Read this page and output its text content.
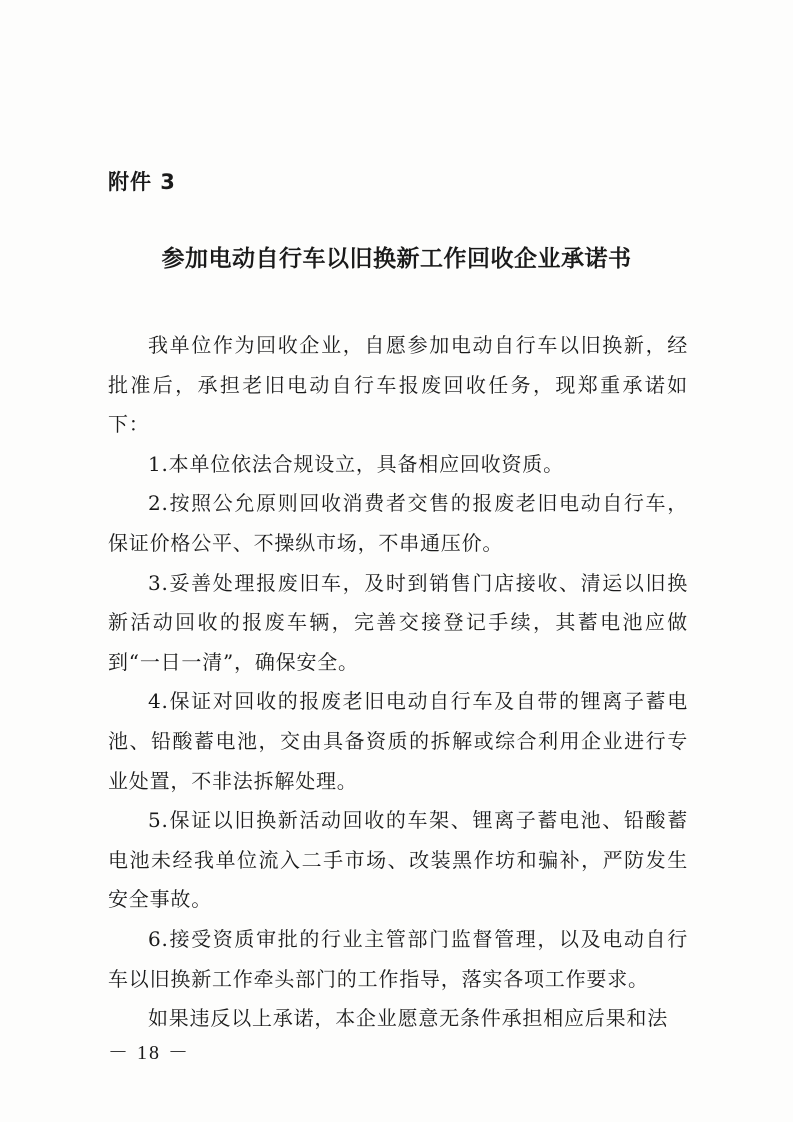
附件 3
参加电动自行车以旧换新工作回收企业承诺书

我单位作为回收企业，自愿参加电动自行车以旧换新，经批准后，承担老旧电动自行车报废回收任务，现郑重承诺如下：

1.本单位依法合规设立，具备相应回收资质。

2.按照公允原则回收消费者交售的报废老旧电动自行车，保证价格公平、不操纵市场，不串通压价。

3.妥善处理报废旧车，及时到销售门店接收、清运以旧换新活动回收的报废车辆，完善交接登记手续，其蓄电池应做到“一日一清”，确保安全。

4.保证对回收的报废老旧电动自行车及自带的锂离子蓄电池、铅酸蓄电池，交由具备资质的拆解或综合利用企业进行专业处置，不非法拆解处理。

5.保证以旧换新活动回收的车架、锂离子蓄电池、铅酸蓄电池未经我单位流入二手市场、改装黑作坊和骗补，严防发生安全事故。

6.接受资质审批的行业主管部门监督管理，以及电动自行车以旧换新工作牵头部门的工作指导，落实各项工作要求。

如果违反以上承诺，本企业愿意无条件承担相应后果和法

－ 18 －
